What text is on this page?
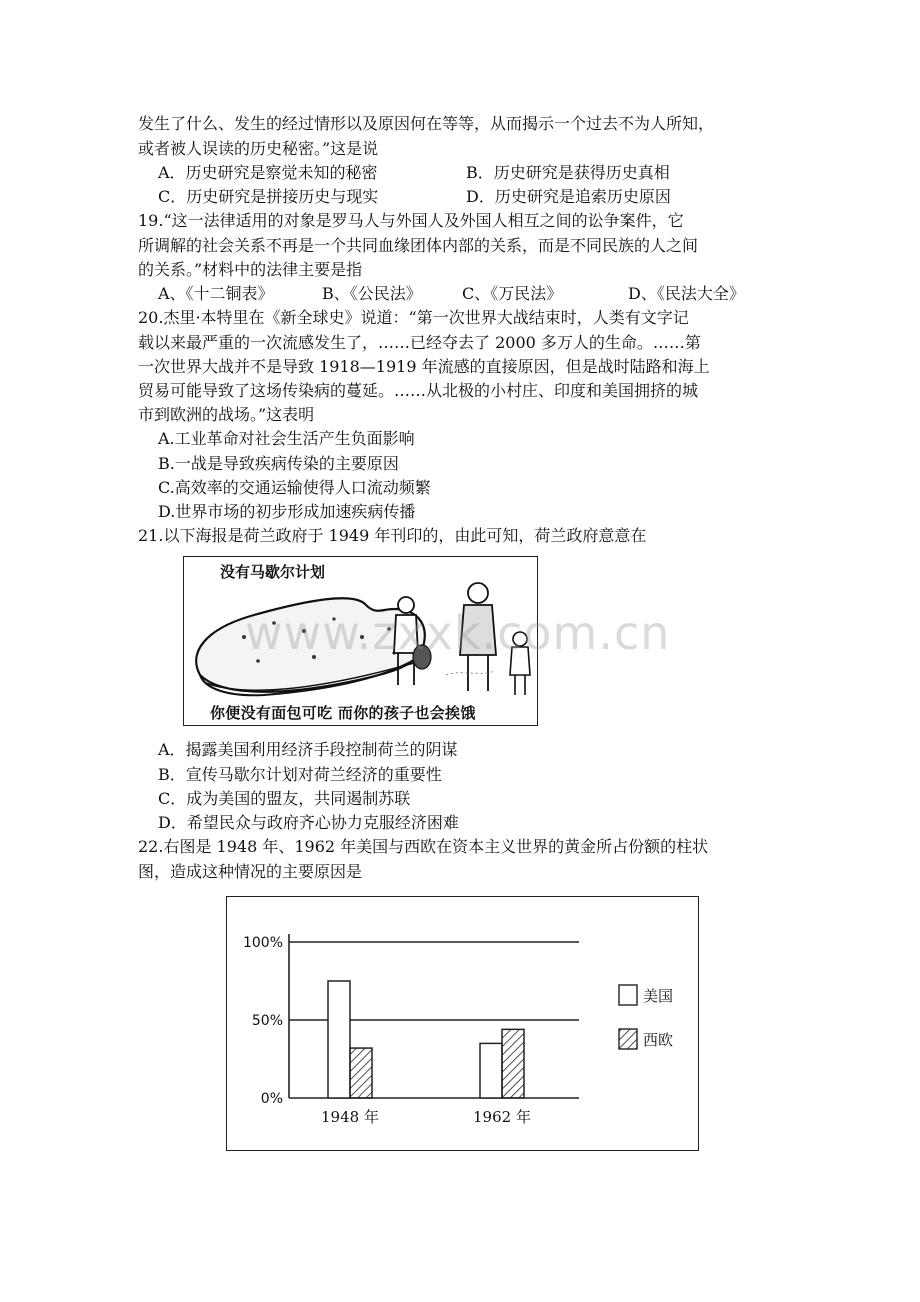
发生了什么、发生的经过情形以及原因何在等等，从而揭示一个过去不为人所知，
或者被人误读的历史秘密。”这是说
A．历史研究是察觉未知的秘密	B．历史研究是获得历史真相
C．历史研究是拼接历史与现实	D．历史研究是追索历史原因
19.“这一法律适用的对象是罗马人与外国人及外国人相互之间的讼争案件，它
所调解的社会关系不再是一个共同血缘团体内部的关系，而是不同民族的人之间
的关系。”材料中的法律主要是指
A、《十二铜表》	B、《公民法》	C、《万民法》	D、《民法大全》
20.杰里·本特里在《新全球史》说道：“第一次世界大战结束时，人类有文字记
载以来最严重的一次流感发生了，……已经夺去了 2000 多万人的生命。……第
一次世界大战并不是导致 1918—1919 年流感的直接原因，但是战时陆路和海上
贸易可能导致了这场传染病的蔓延。……从北极的小村庄、印度和美国拥挤的城
市到欧洲的战场。”这表明
A.工业革命对社会生活产生负面影响
B.一战是导致疾病传染的主要原因
C.高效率的交通运输使得人口流动频繁
D.世界市场的初步形成加速疾病传播
21.以下海报是荷兰政府于 1949 年刊印的，由此可知，荷兰政府意意在
没有马歇尔计划
你便没有面包可吃 而你的孩子也会挨饿
www.zxxk.com.cn
A．揭露美国利用经济手段控制荷兰的阴谋
B．宣传马歇尔计划对荷兰经济的重要性
C．成为美国的盟友，共同遏制苏联
D．希望民众与政府齐心协力克服经济困难
22.右图是 1948 年、1962 年美国与西欧在资本主义世界的黄金所占份额的柱状
图，造成这种情况的主要原因是
0%
50%
100%
1948 年	1962 年
美国
西欧
